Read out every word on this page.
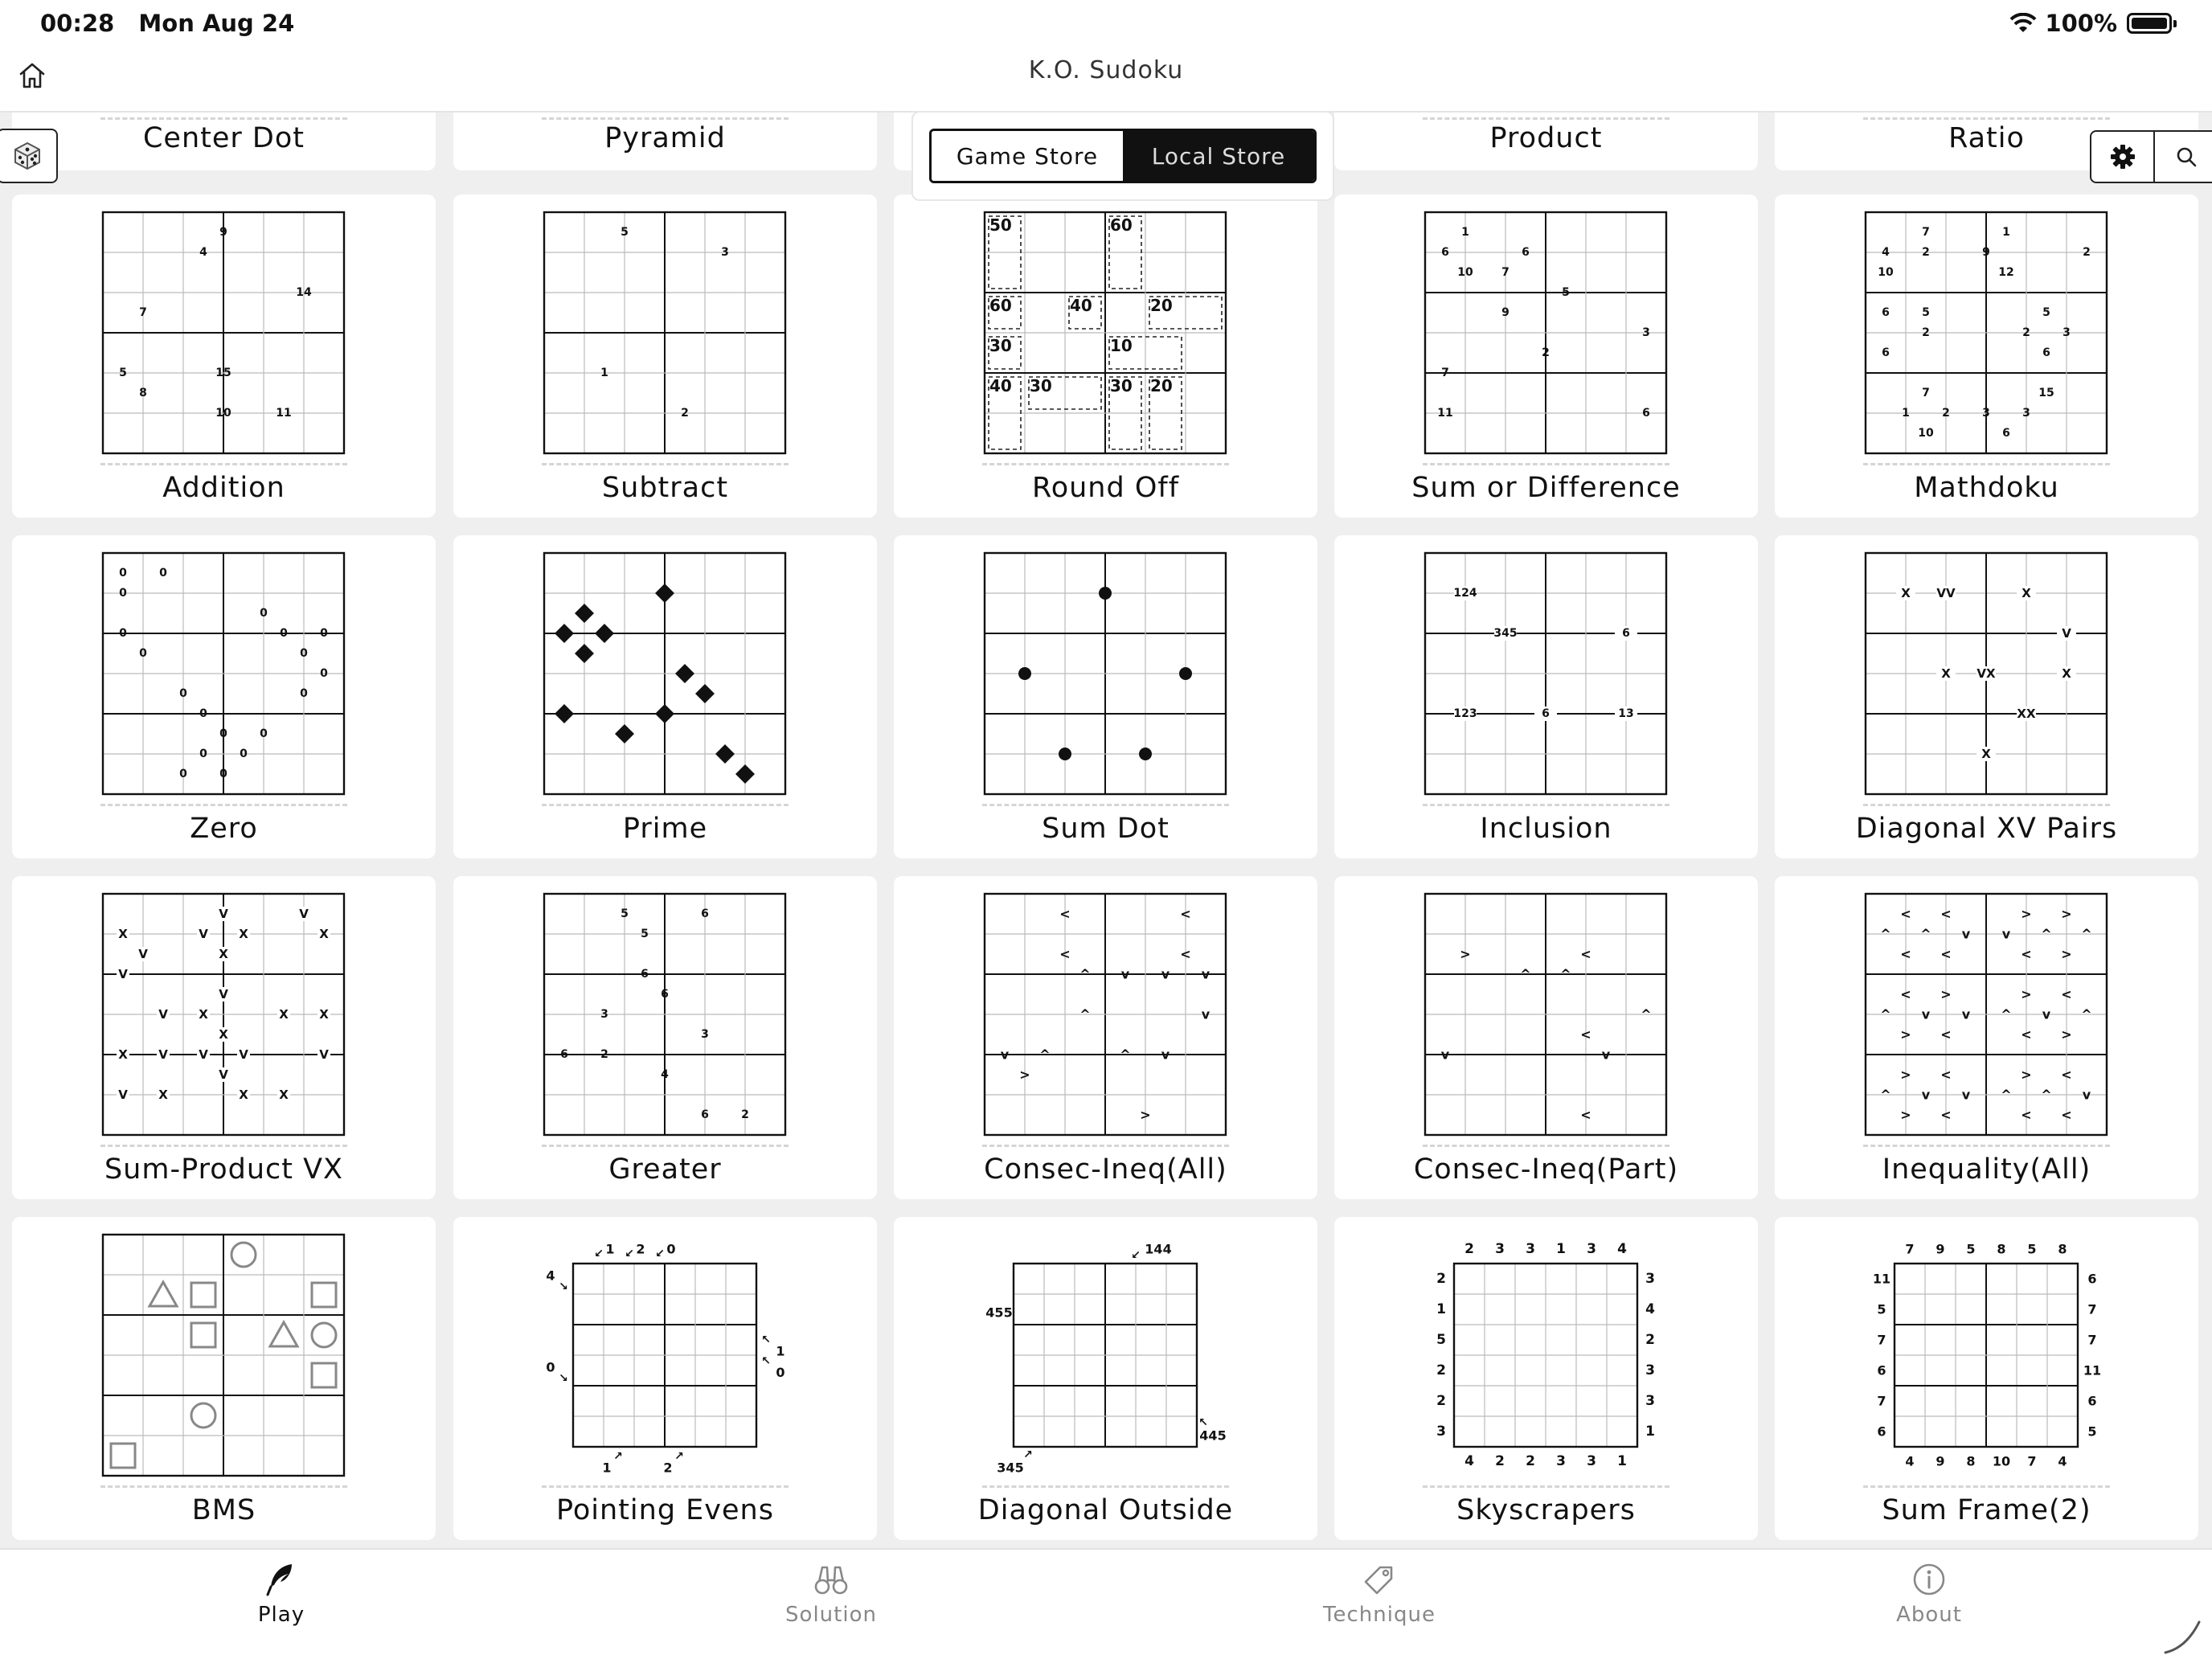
00:28 Mon Aug 24	100%
K.O. Sudoku
Center Dot	Pyramid	Product	Ratio
9
4
14
7
5	15
8
10	11
Addition
5
3
1
2
Subtract
50	60
60	40	20
30	10
40 30	30 20
Round Off
1
6	6
10	7
5
9
3
2
7
11	6
Sum or Difference
7	1
4	2	9	2
10	12
6	5	5
2	2	3
6	6
7	15
1	2	3	3
10	6
Mathdoku
0	0
0
0
0	0	0
0	0
0
0	0
0
0	0
0	0
0	0
Zero	Prime	Sum Dot
124
345	6
123	6	13
Inclusion
X VV	X
V
X VX	X
XX
X
Diagonal XV Pairs
V	V
X	V	X	X
V	X
V
V
V	X	X	X
X
X	V	V	V	V
V
V	X	X	X
Sum-Product VX
5	6
5
6
6
3
3
6	2
4
6	2
Greater
<	<
<	<
^ v v v
^	v
v ^	^ v
>
>
Consec-Ineq(All)
>
^ ^
<
^
v
<
v
<
Consec-Ineq(Part)
< <	> >
^ ^ v v ^ ^
< <	< >
< >	> <
^ v v ^ v ^
> <	< >
> <	> <
^ v v ^ ^ v
> <	< <
Inequality(All)
BMS
1
↙	2
↙	0
↙
4
↘
0
↘
1
↖
0
↖
1
↗
2
↗
Pointing Evens
144
↙
455
445
↖
345
↗
Diagonal Outside
2 3 3 1 3 4
4 2 2 3 3 1
2
1
5
2
2
3
3
4
2
3
3
1
Skyscrapers
7 9 5 8 5 8
4 9 8 10 7 4
11
5
7
6
7
6
6
7
7
11
6
5
Sum Frame(2)
Game Store	Local Store
Play	Solution	Technique	About
